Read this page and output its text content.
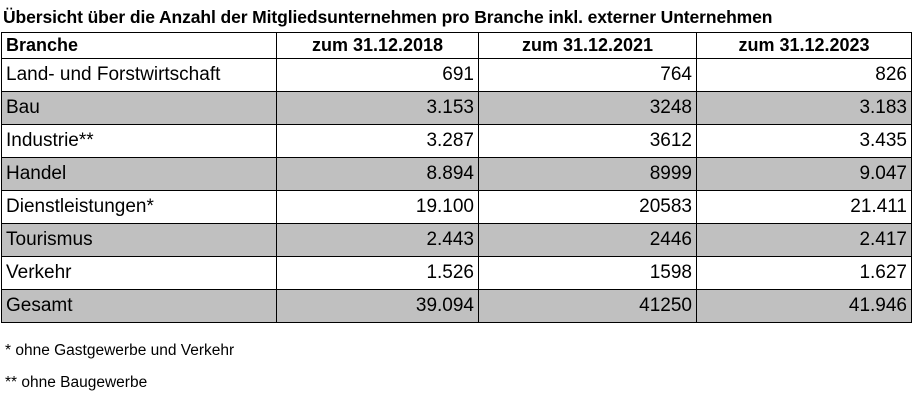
Übersicht über die Anzahl der Mitgliedsunternehmen pro Branche inkl. externer Unternehmen
Branche	zum 31.12.2018	zum 31.12.2021	zum 31.12.2023
Land- und Forstwirtschaft	691	764	826
Bau	3.153	3248	3.183
Industrie**	3.287	3612	3.435
Handel	8.894	8999	9.047
Dienstleistungen*	19.100	20583	21.411
Tourismus	2.443	2446	2.417
Verkehr	1.526	1598	1.627
Gesamt	39.094	41250	41.946
* ohne Gastgewerbe und Verkehr
** ohne Baugewerbe
